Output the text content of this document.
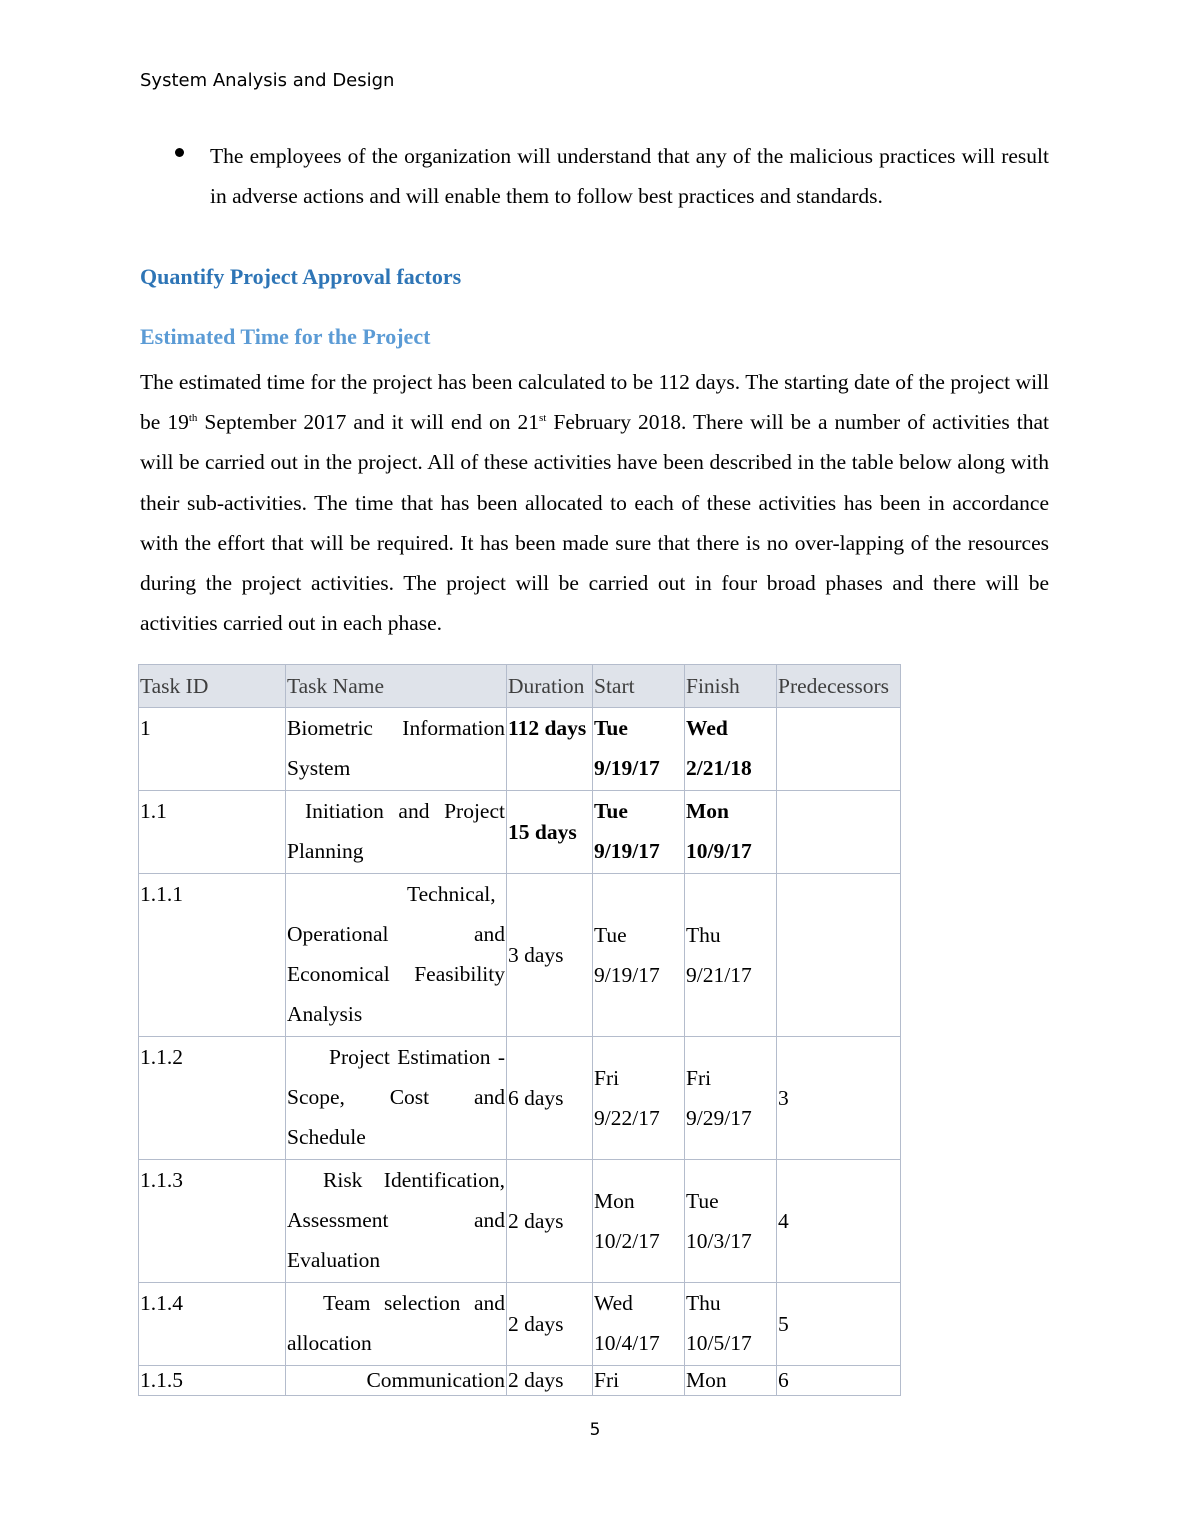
System Analysis and Design
The employees of the organization will understand that any of the malicious practices will result in adverse actions and will enable them to follow best practices and standards.
Quantify Project Approval factors
Estimated Time for the Project
The estimated time for the project has been calculated to be 112 days. The starting date of the project will be 19th September 2017 and it will end on 21st February 2018. There will be a number of activities that will be carried out in the project. All of these activities have been described in the table below along with their sub-activities. The time that has been allocated to each of these activities has been in accordance with the effort that will be required. It has been made sure that there is no over-lapping of the resources during the project activities. The project will be carried out in four broad phases and there will be activities carried out in each phase.
Task ID	Task Name	Duration	Start	Finish	Predecessors
1	Biometric Information System	112 days	Tue 9/19/17	Wed 2/21/18	
1.1	Initiation and Project Planning	15 days	Tue 9/19/17	Mon 10/9/17	
1.1.1	Technical, Operational and Economical Feasibility Analysis	3 days	Tue 9/19/17	Thu 9/21/17	
1.1.2	Project Estimation - Scope, Cost and Schedule	6 days	Fri 9/22/17	Fri 9/29/17	3
1.1.3	Risk Identification, Assessment and Evaluation	2 days	Mon 10/2/17	Tue 10/3/17	4
1.1.4	Team selection and allocation	2 days	Wed 10/4/17	Thu 10/5/17	5
1.1.5	Communication	2 days	Fri	Mon	6
5
